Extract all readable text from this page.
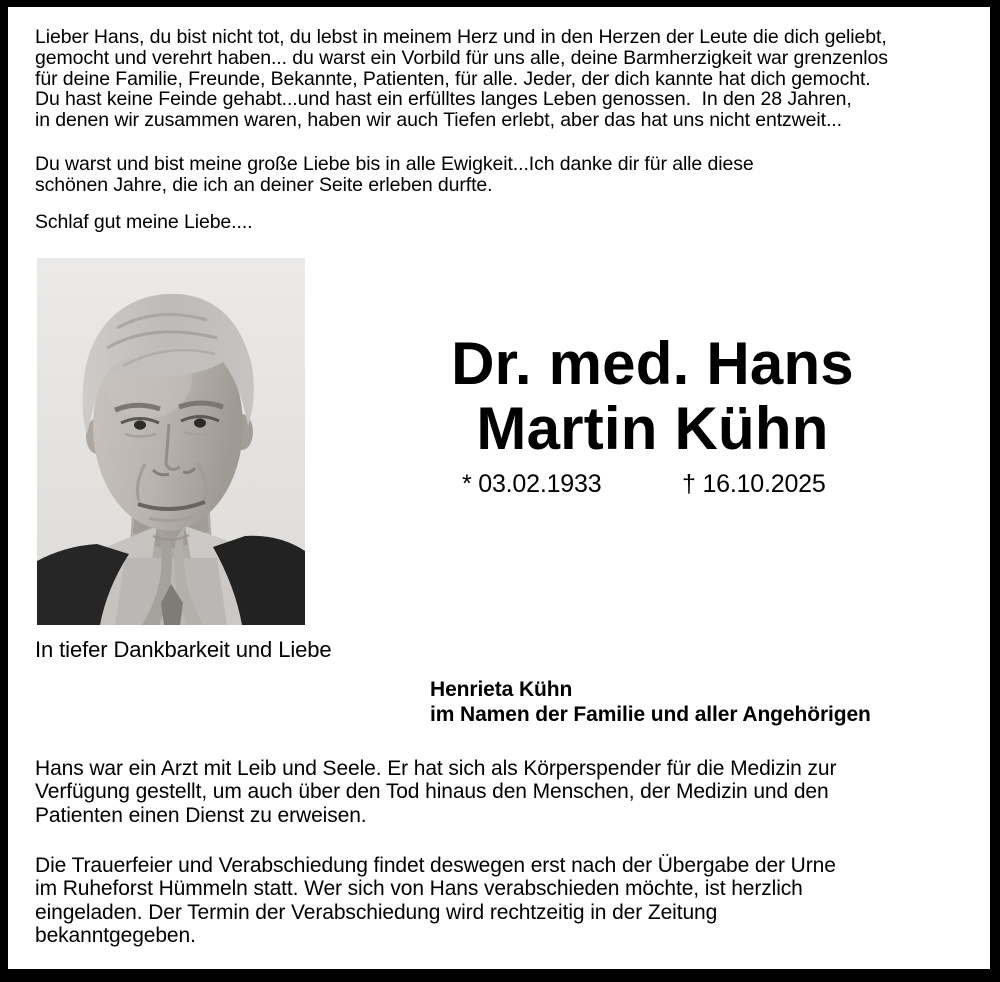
Lieber Hans, du bist nicht tot, du lebst in meinem Herz und in den Herzen der Leute die dich geliebt,
gemocht und verehrt haben... du warst ein Vorbild für uns alle, deine Barmherzigkeit war grenzenlos
für deine Familie, Freunde, Bekannte, Patienten, für alle. Jeder, der dich kannte hat dich gemocht.
Du hast keine Feinde gehabt...und hast ein erfülltes langes Leben genossen.  In den 28 Jahren,
in denen wir zusammen waren, haben wir auch Tiefen erlebt, aber das hat uns nicht entzweit...
Du warst und bist meine große Liebe bis in alle Ewigkeit...Ich danke dir für alle diese
schönen Jahre, die ich an deiner Seite erleben durfte.
Schlaf gut meine Liebe....
Dr. med. Hans
Martin Kühn
* 03.02.1933	† 16.10.2025
In tiefer Dankbarkeit und Liebe
Henrieta Kühn
im Namen der Familie und aller Angehörigen
Hans war ein Arzt mit Leib und Seele. Er hat sich als Körperspender für die Medizin zur
Verfügung gestellt, um auch über den Tod hinaus den Menschen, der Medizin und den
Patienten einen Dienst zu erweisen.
Die Trauerfeier und Verabschiedung findet deswegen erst nach der Übergabe der Urne
im Ruheforst Hümmeln statt. Wer sich von Hans verabschieden möchte, ist herzlich
eingeladen. Der Termin der Verabschiedung wird rechtzeitig in der Zeitung
bekanntgegeben.
